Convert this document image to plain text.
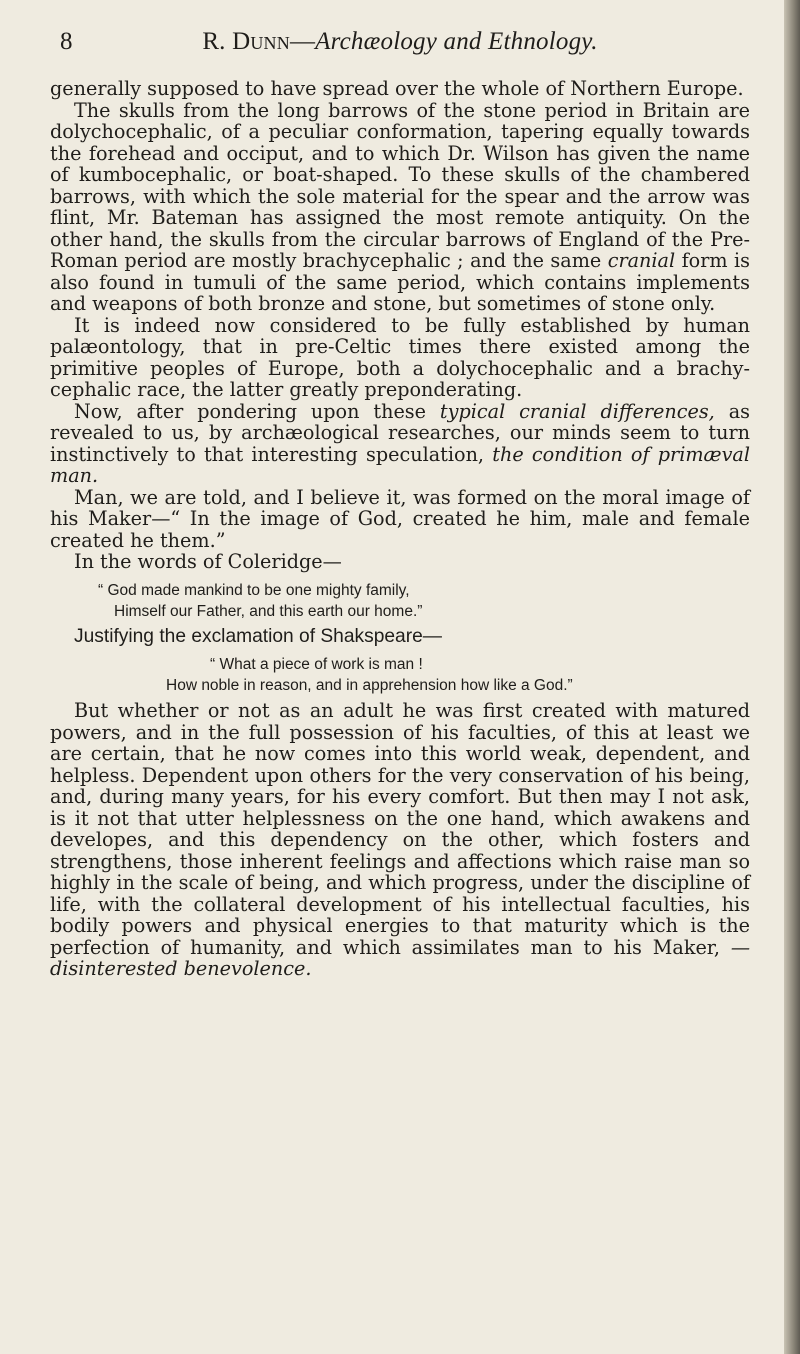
8	R. Dunn—Archæology and Ethnology.

generally supposed to have spread over the whole of Northern Europe.

The skulls from the long barrows of the stone period in Britain are dolychocephalic, of a peculiar conformation, tapering equally towards the forehead and occiput, and to which Dr. Wilson has given the name of kumbocephalic, or boat-shaped. To these skulls of the chambered barrows, with which the sole material for the spear and the arrow was flint, Mr. Bateman has assigned the most remote antiquity. On the other hand, the skulls from the circular barrows of England of the Pre-Roman period are mostly brachycephalic ; and the same cranial form is also found in tumuli of the same period, which contains implements and weapons of both bronze and stone, but sometimes of stone only.

It is indeed now considered to be fully established by human palæontology, that in pre-Celtic times there existed among the primitive peoples of Europe, both a dolychocephalic and a brachycephalic race, the latter greatly preponderating.

Now, after pondering upon these typical cranial differences, as revealed to us, by archæological researches, our minds seem to turn instinctively to that interesting speculation, the condition of primæval man.

Man, we are told, and I believe it, was formed on the moral image of his Maker—“ In the image of God, created he him, male and female created he them.”

In the words of Coleridge—

“ God made mankind to be one mighty family,
Himself our Father, and this earth our home.”

Justifying the exclamation of Shakspeare—

“ What a piece of work is man !
How noble in reason, and in apprehension how like a God.”

But whether or not as an adult he was first created with matured powers, and in the full possession of his faculties, of this at least we are certain, that he now comes into this world weak, dependent, and helpless. Dependent upon others for the very conservation of his being, and, during many years, for his every comfort. But then may I not ask, is it not that utter helplessness on the one hand, which awakens and developes, and this dependency on the other, which fosters and strengthens, those inherent feelings and affections which raise man so highly in the scale of being, and which progress, under the discipline of life, with the collateral development of his intellectual faculties, his bodily powers and physical energies to that maturity which is the perfection of humanity, and which assimilates man to his Maker, —disinterested benevolence.
